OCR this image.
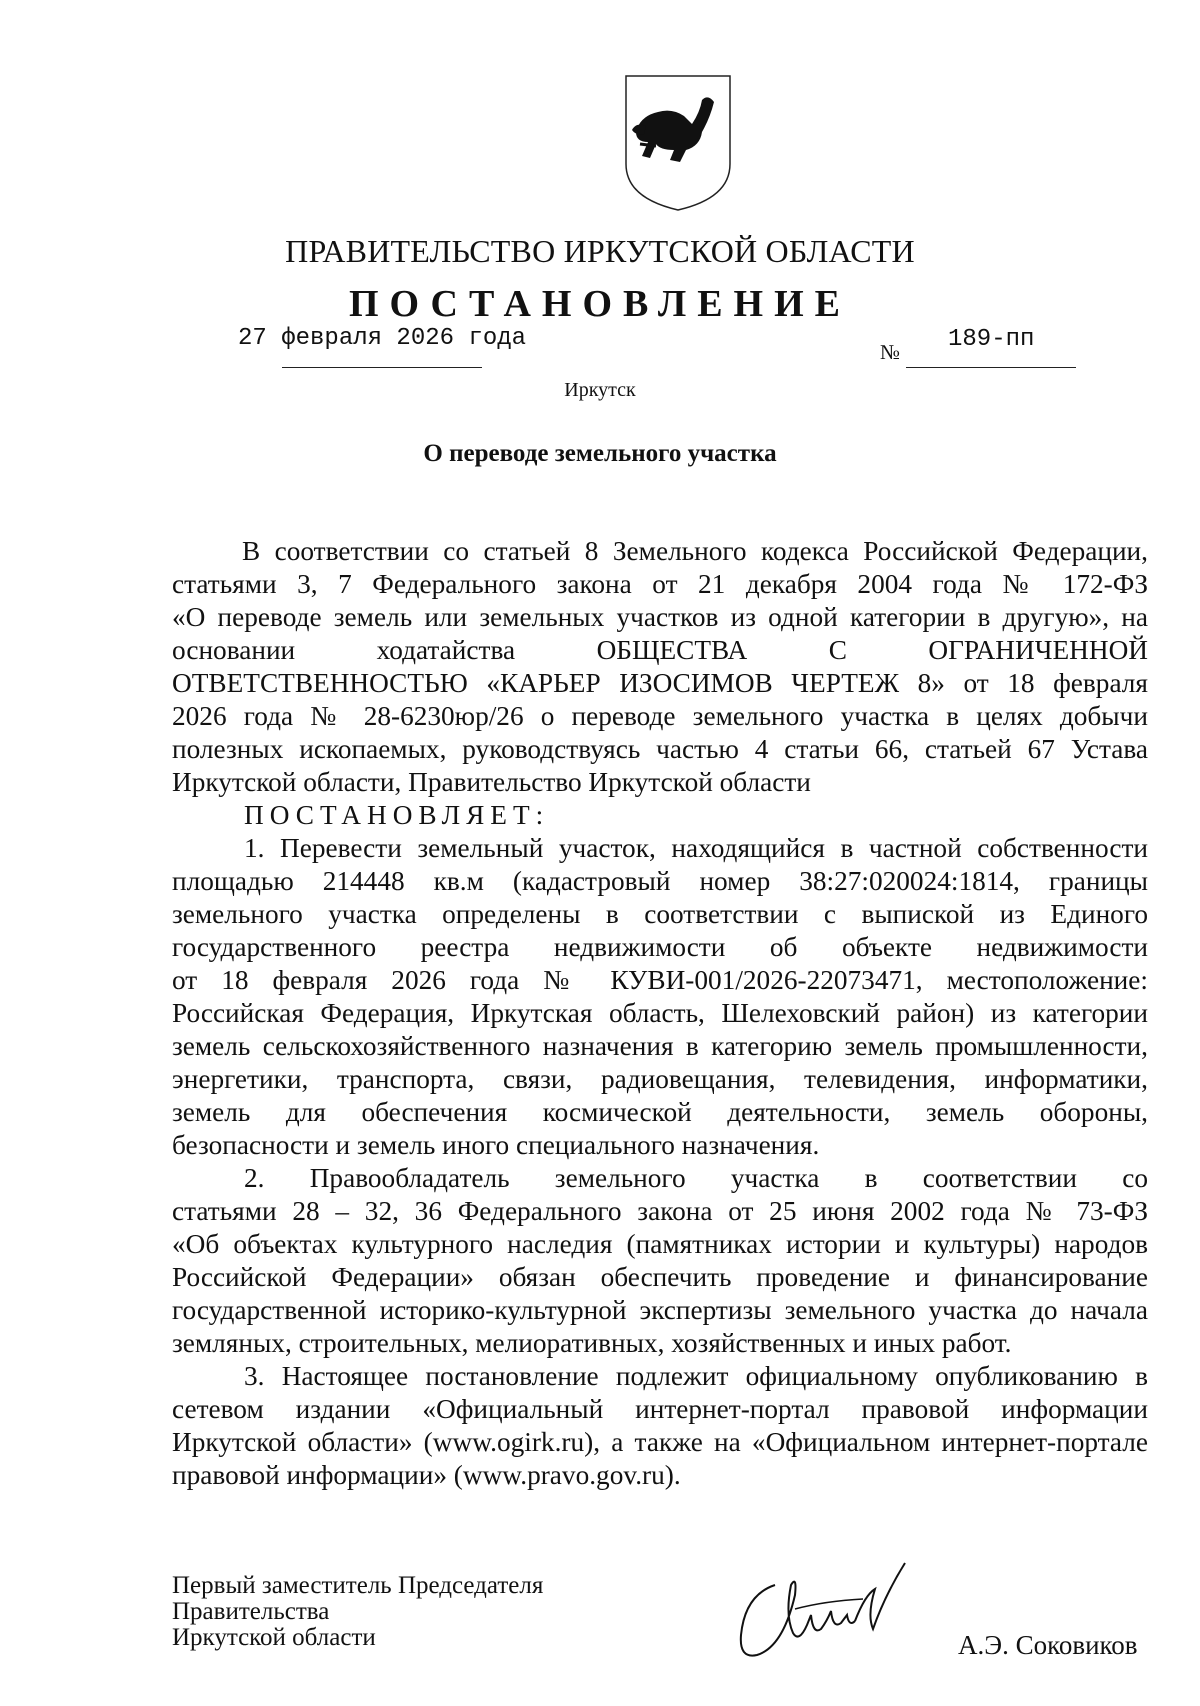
ПРАВИТЕЛЬСТВО ИРКУТСКОЙ ОБЛАСТИ
ПОСТАНОВЛЕНИЕ
27 февраля 2026 года	№ 189-пп
Иркутск
О переводе земельного участка

В соответствии со статьей 8 Земельного кодекса Российской Федерации,

статьями 3, 7 Федерального закона от 21 декабря 2004 года № 172-ФЗ

«О переводе земель или земельных участков из одной категории в другую», на

основании ходатайства ОБЩЕСТВА С ОГРАНИЧЕННОЙ

ОТВЕТСТВЕННОСТЬЮ «КАРЬЕР ИЗОСИМОВ ЧЕРТЕЖ 8» от 18 февраля

2026 года № 28-6230юр/26 о переводе земельного участка в целях добычи

полезных ископаемых, руководствуясь частью 4 статьи 66, статьей 67 Устава

Иркутской области, Правительство Иркутской области

ПОСТАНОВЛЯЕТ:

1. Перевести земельный участок, находящийся в частной собственности

площадью 214448 кв.м (кадастровый номер 38:27:020024:1814, границы

земельного участка определены в соответствии с выпиской из Единого

государственного реестра недвижимости об объекте недвижимости

от 18 февраля 2026 года № КУВИ-001/2026-22073471, местоположение:

Российская Федерация, Иркутская область, Шелеховский район) из категории

земель сельскохозяйственного назначения в категорию земель промышленности,

энергетики, транспорта, связи, радиовещания, телевидения, информатики,

земель для обеспечения космической деятельности, земель обороны,

безопасности и земель иного специального назначения.

2. Правообладатель земельного участка в соответствии со

статьями 28 – 32, 36 Федерального закона от 25 июня 2002 года № 73-ФЗ

«Об объектах культурного наследия (памятниках истории и культуры) народов

Российской Федерации» обязан обеспечить проведение и финансирование

государственной историко-культурной экспертизы земельного участка до начала

земляных, строительных, мелиоративных, хозяйственных и иных работ.

3. Настоящее постановление подлежит официальному опубликованию в

сетевом издании «Официальный интернет-портал правовой информации

Иркутской области» (www.ogirk.ru), а также на «Официальном интернет-портале

правовой информации» (www.pravo.gov.ru).

Первый заместитель Председателя
Правительства
Иркутской области	А.Э. Соковиков
